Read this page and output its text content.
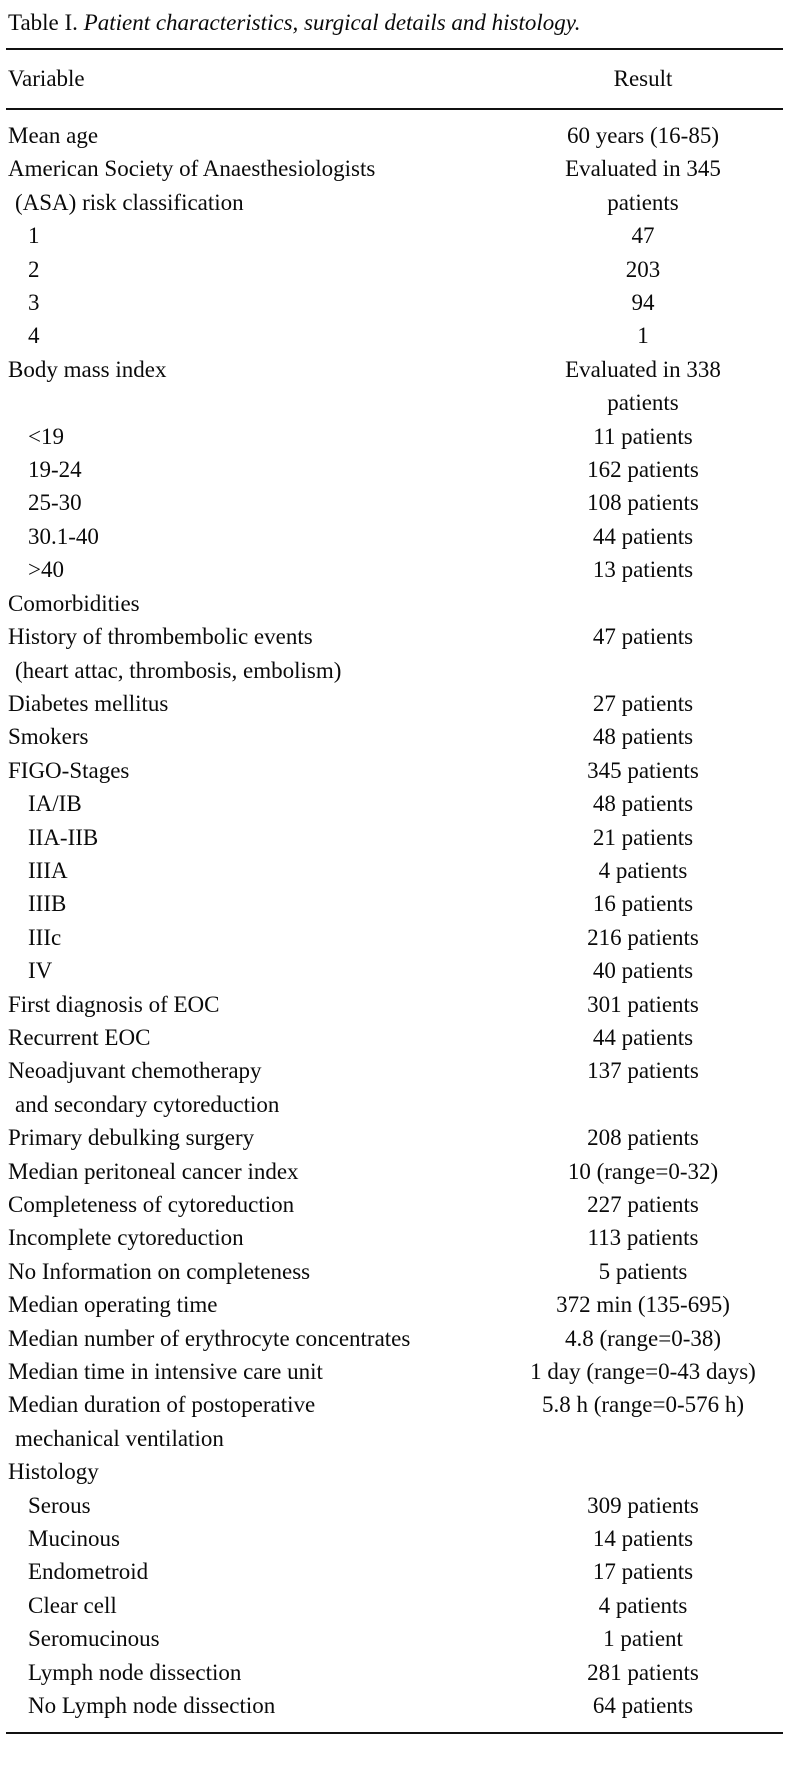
Table I. Patient characteristics, surgical details and histology.
Variable	Result
Mean age	60 years (16-85)
American Society of Anaesthesiologists	Evaluated in 345
(ASA) risk classification	patients
1	47
2	203
3	94
4	1
Body mass index	Evaluated in 338
patients
<19	11 patients
19-24	162 patients
25-30	108 patients
30.1-40	44 patients
>40	13 patients
Comorbidities
History of thrombembolic events	47 patients
(heart attac, thrombosis, embolism)
Diabetes mellitus	27 patients
Smokers	48 patients
FIGO-Stages	345 patients
IA/IB	48 patients
IIA-IIB	21 patients
IIIA	4 patients
IIIB	16 patients
IIIc	216 patients
IV	40 patients
First diagnosis of EOC	301 patients
Recurrent EOC	44 patients
Neoadjuvant chemotherapy	137 patients
and secondary cytoreduction
Primary debulking surgery	208 patients
Median peritoneal cancer index	10 (range=0-32)
Completeness of cytoreduction	227 patients
Incomplete cytoreduction	113 patients
No Information on completeness	5 patients
Median operating time	372 min (135-695)
Median number of erythrocyte concentrates	4.8 (range=0-38)
Median time in intensive care unit	1 day (range=0-43 days)
Median duration of postoperative	5.8 h (range=0-576 h)
mechanical ventilation
Histology
Serous	309 patients
Mucinous	14 patients
Endometroid	17 patients
Clear cell	4 patients
Seromucinous	1 patient
Lymph node dissection	281 patients
No Lymph node dissection	64 patients
